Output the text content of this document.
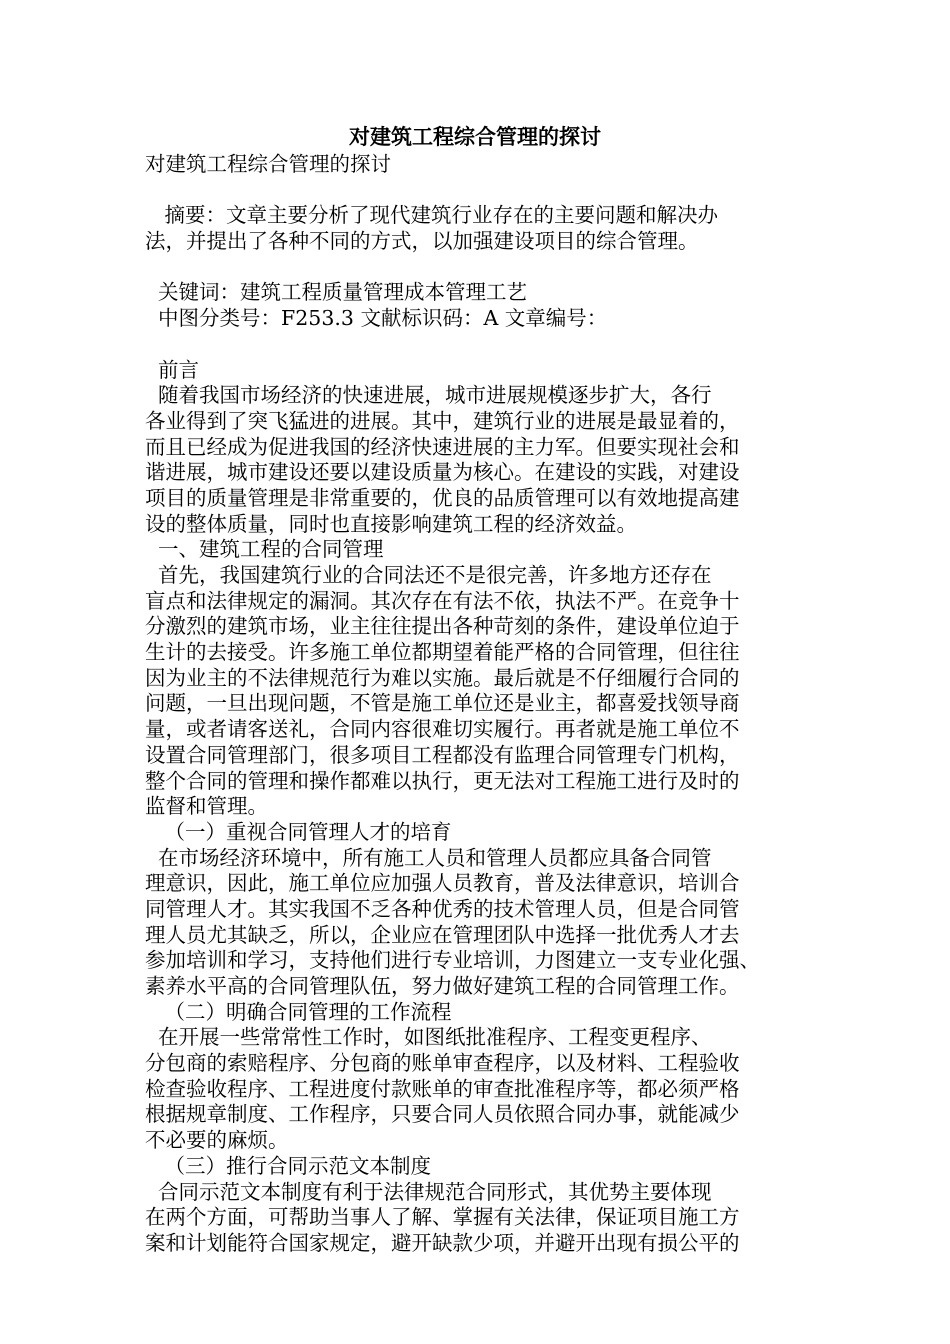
对建筑工程综合管理的探讨
对建筑工程综合管理的探讨
摘要：文章主要分析了现代建筑行业存在的主要问题和解决办
法，并提出了各种不同的方式，以加强建设项目的综合管理。
关键词：建筑工程质量管理成本管理工艺
中图分类号：F253.3 文献标识码：A 文章编号：
前言
随着我国市场经济的快速进展，城市进展规模逐步扩大，各行
各业得到了突飞猛进的进展。其中，建筑行业的进展是最显着的，
而且已经成为促进我国的经济快速进展的主力军。但要实现社会和
谐进展，城市建设还要以建设质量为核心。在建设的实践，对建设
项目的质量管理是非常重要的，优良的品质管理可以有效地提高建
设的整体质量，同时也直接影响建筑工程的经济效益。
一、建筑工程的合同管理
首先，我国建筑行业的合同法还不是很完善，许多地方还存在
盲点和法律规定的漏洞。其次存在有法不依，执法不严。在竞争十
分激烈的建筑市场，业主往往提出各种苛刻的条件，建设单位迫于
生计的去接受。许多施工单位都期望着能严格的合同管理，但往往
因为业主的不法律规范行为难以实施。最后就是不仔细履行合同的
问题，一旦出现问题，不管是施工单位还是业主，都喜爱找领导商
量，或者请客送礼，合同内容很难切实履行。再者就是施工单位不
设置合同管理部门，很多项目工程都没有监理合同管理专门机构，
整个合同的管理和操作都难以执行，更无法对工程施工进行及时的
监督和管理。
（一）重视合同管理人才的培育
在市场经济环境中，所有施工人员和管理人员都应具备合同管
理意识，因此，施工单位应加强人员教育，普及法律意识，培训合
同管理人才。其实我国不乏各种优秀的技术管理人员，但是合同管
理人员尤其缺乏，所以，企业应在管理团队中选择一批优秀人才去
参加培训和学习，支持他们进行专业培训，力图建立一支专业化强、
素养水平高的合同管理队伍，努力做好建筑工程的合同管理工作。
（二）明确合同管理的工作流程
在开展一些常常性工作时，如图纸批准程序、工程变更程序、
分包商的索赔程序、分包商的账单审查程序，以及材料、工程验收
检查验收程序、工程进度付款账单的审查批准程序等，都必须严格
根据规章制度、工作程序，只要合同人员依照合同办事，就能减少
不必要的麻烦。
（三）推行合同示范文本制度
合同示范文本制度有利于法律规范合同形式，其优势主要体现
在两个方面，可帮助当事人了解、掌握有关法律，保证项目施工方
案和计划能符合国家规定，避开缺款少项，并避开出现有损公平的
